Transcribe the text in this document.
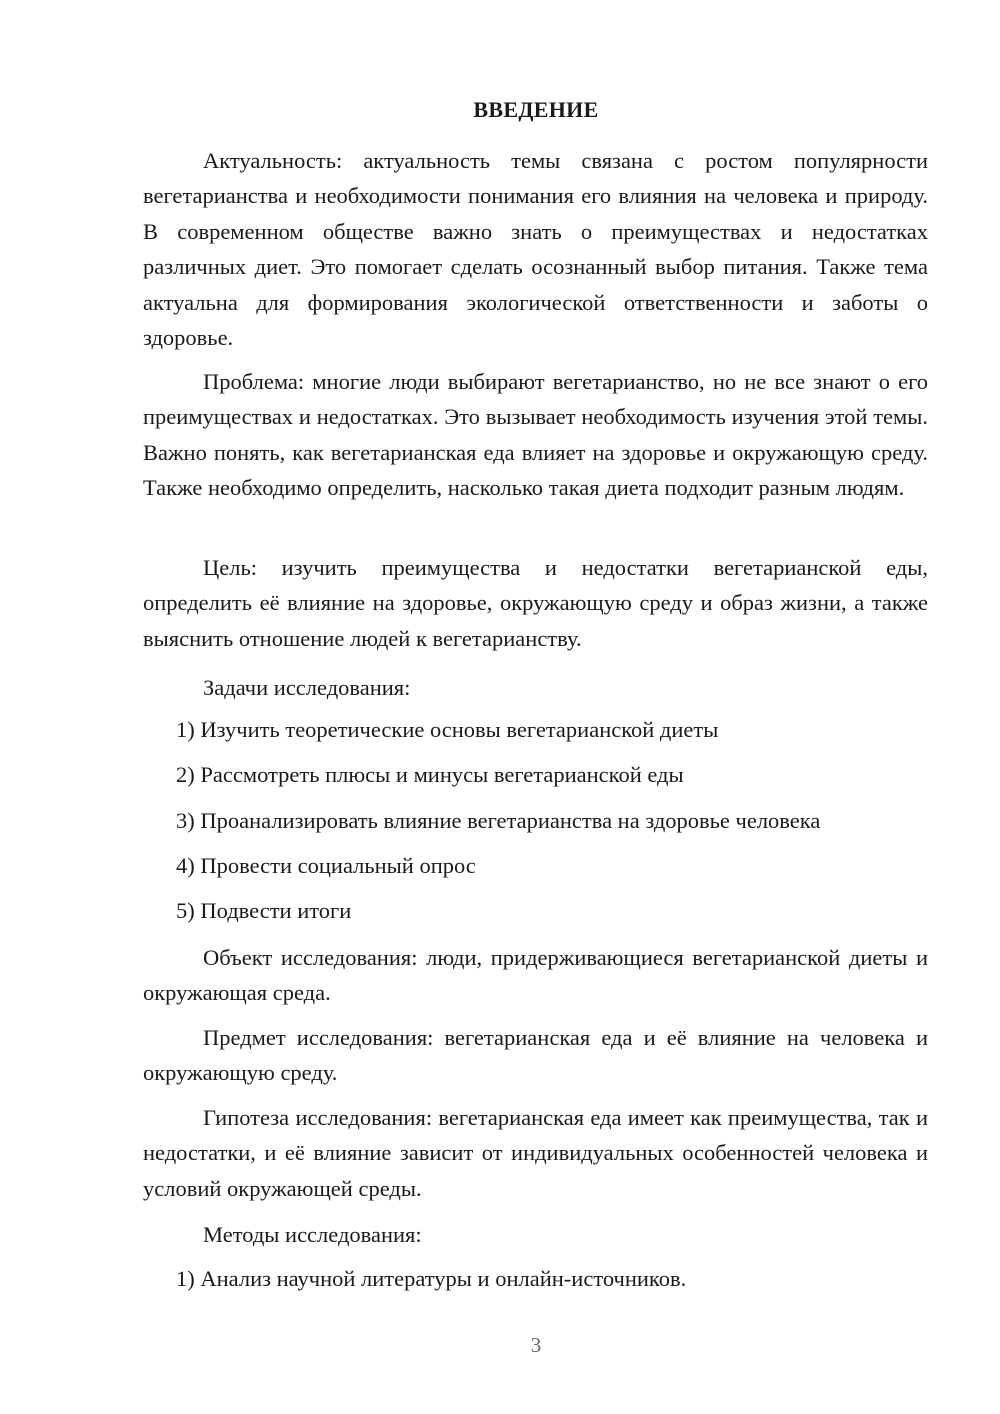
ВВЕДЕНИЕ
Актуальность: актуальность темы связана с ростом популярности вегетарианства и необходимости понимания его влияния на человека и природу. В современном обществе важно знать о преимуществах и недостатках различных диет. Это помогает сделать осознанный выбор питания. Также тема актуальна для формирования экологической ответственности и заботы о здоровье.
Проблема: многие люди выбирают вегетарианство, но не все знают о его преимуществах и недостатках. Это вызывает необходимость изучения этой темы. Важно понять, как вегетарианская еда влияет на здоровье и окружающую среду. Также необходимо определить, насколько такая диета подходит разным людям.
Цель: изучить преимущества и недостатки вегетарианской еды, определить её влияние на здоровье, окружающую среду и образ жизни, а также выяснить отношение людей к вегетарианству.
Задачи исследования:
1) Изучить теоретические основы вегетарианской диеты
2) Рассмотреть плюсы и минусы вегетарианской еды
3) Проанализировать влияние вегетарианства на здоровье человека
4) Провести социальный опрос
5) Подвести итоги
Объект исследования: люди, придерживающиеся вегетарианской диеты и окружающая среда.
Предмет исследования: вегетарианская еда и её влияние на человека и окружающую среду.
Гипотеза исследования: вегетарианская еда имеет как преимущества, так и недостатки, и её влияние зависит от индивидуальных особенностей человека и условий окружающей среды.
Методы исследования:
1) Анализ научной литературы и онлайн-источников.
3
